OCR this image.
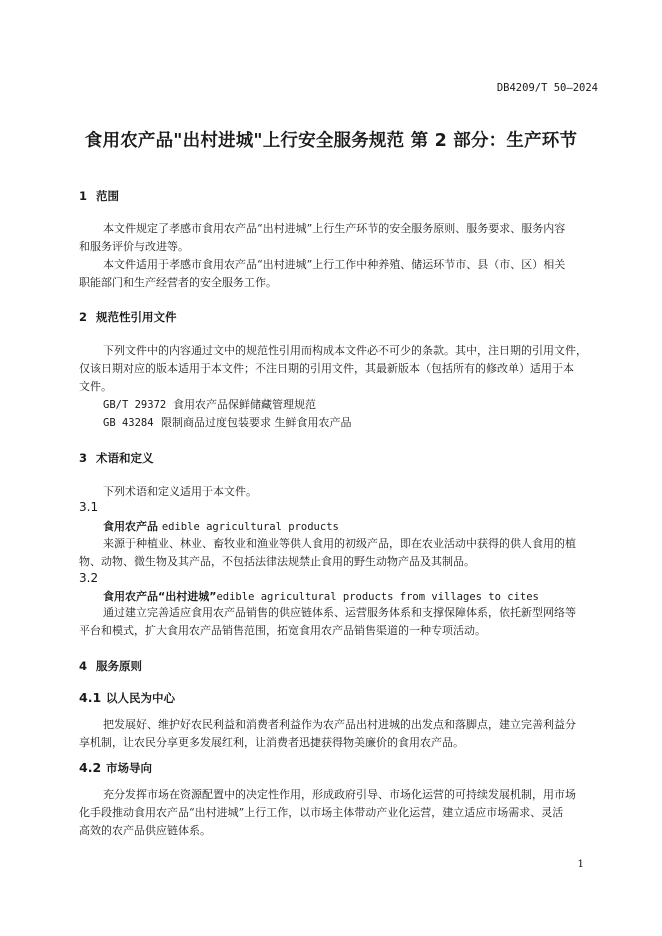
DB4209/T 50—2024
食用农产品"出村进城"上行安全服务规范 第 2 部分：生产环节
1 范围
本文件规定了孝感市食用农产品“出村进城”上行生产环节的安全服务原则、服务要求、服务内容
和服务评价与改进等。
本文件适用于孝感市食用农产品“出村进城”上行工作中种养殖、储运环节市、县（市、区）相关
职能部门和生产经营者的安全服务工作。
2 规范性引用文件
下列文件中的内容通过文中的规范性引用而构成本文件必不可少的条款。其中，注日期的引用文件，
仅该日期对应的版本适用于本文件；不注日期的引用文件，其最新版本（包括所有的修改单）适用于本
文件。
GB/T 29372 食用农产品保鲜储藏管理规范
GB 43284 限制商品过度包装要求 生鲜食用农产品
3 术语和定义
下列术语和定义适用于本文件。
3.1
食用农产品 edible agricultural products
来源于种植业、林业、畜牧业和渔业等供人食用的初级产品，即在农业活动中获得的供人食用的植
物、动物、微生物及其产品，不包括法律法规禁止食用的野生动物产品及其制品。
3.2
食用农产品“出村进城”edible agricultural products from villages to cites
通过建立完善适应食用农产品销售的供应链体系、运营服务体系和支撑保障体系，依托新型网络等
平台和模式，扩大食用农产品销售范围，拓宽食用农产品销售渠道的一种专项活动。
4 服务原则
4.1 以人民为中心
把发展好、维护好农民利益和消费者利益作为农产品出村进城的出发点和落脚点，建立完善利益分
享机制，让农民分享更多发展红利，让消费者迅捷获得物美廉价的食用农产品。
4.2 市场导向
充分发挥市场在资源配置中的决定性作用，形成政府引导、市场化运营的可持续发展机制，用市场
化手段推动食用农产品“出村进城”上行工作，以市场主体带动产业化运营，建立适应市场需求、灵活
高效的农产品供应链体系。
1
